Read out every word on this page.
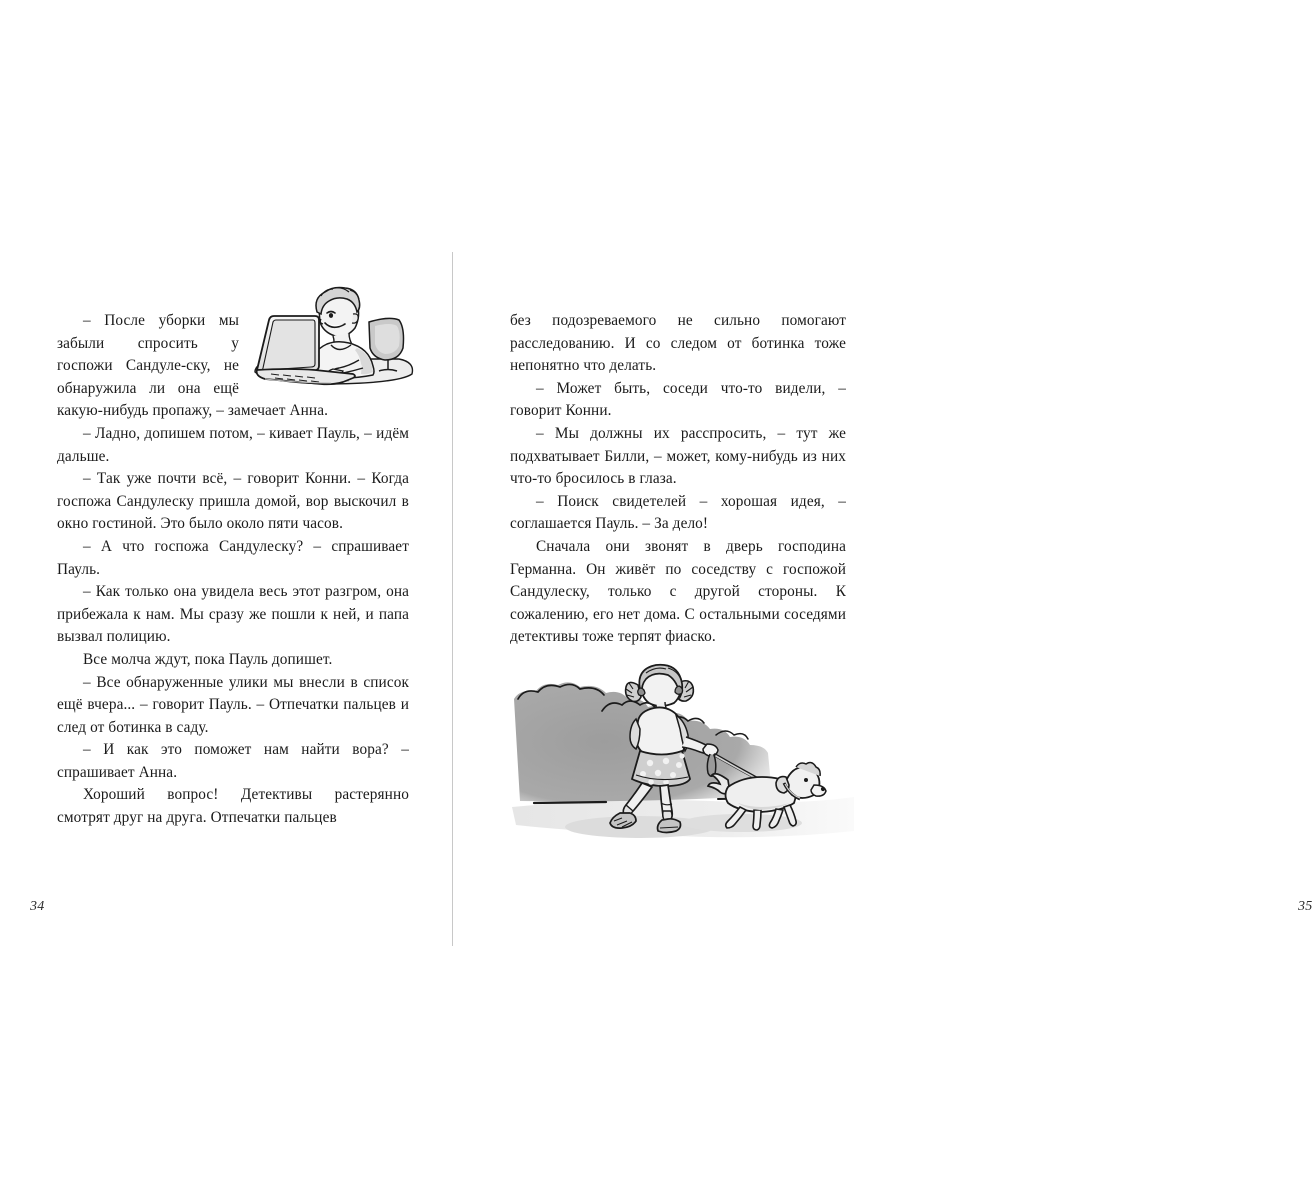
– После уборки мы забыли спросить у госпожи Сандуле-ску, не обнаружила ли она ещё какую-нибудь пропажу, – замечает Анна.

– Ладно, допишем потом, – кивает Пауль, – идём дальше.

– Так уже почти всё, – говорит Конни. – Когда госпожа Сандулеску пришла домой, вор выскочил в окно гостиной. Это было около пяти часов.

– А что госпожа Сандулеску? – спрашивает Пауль.

– Как только она увидела весь этот разгром, она прибежала к нам. Мы сразу же пошли к ней, и папа вызвал полицию.

Все молча ждут, пока Пауль допишет.

– Все обнаруженные улики мы внесли в список ещё вчера... – говорит Пауль. – Отпечатки пальцев и след от ботинка в саду.

– И как это поможет нам найти вора? – спрашивает Анна.

Хороший вопрос! Детективы растерянно смотрят друг на друга. Отпечатки пальцев

34

без подозреваемого не сильно помогают расследованию. И со следом от ботинка тоже непонятно что делать.

– Может быть, соседи что-то видели, – говорит Конни.

– Мы должны их расспросить, – тут же подхватывает Билли, – может, кому-нибудь из них что-то бросилось в глаза.

– Поиск свидетелей – хорошая идея, – соглашается Пауль. – За дело!

Сначала они звонят в дверь господина Германна. Он живёт по соседству с госпожой Сандулеску, только с другой стороны. К сожалению, его нет дома. С остальными соседями детективы тоже терпят фиаско.

35
